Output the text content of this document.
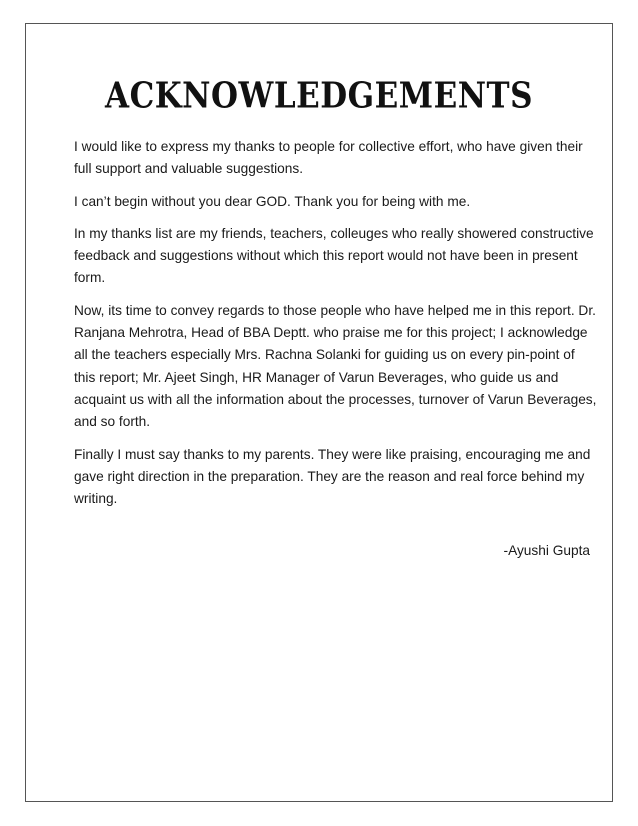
ACKNOWLEDGEMENTS

I would like to express my thanks to people for collective effort, who have given their full support and valuable suggestions.

I can’t begin without you dear GOD. Thank you for being with me.

In my thanks list are my friends, teachers, colleuges who really showered constructive feedback and suggestions without which this report would not have been in present form.

Now, its time to convey regards to those people who have helped me in this report. Dr. Ranjana Mehrotra, Head of BBA Deptt. who praise me for this project; I acknowledge all the teachers especially Mrs. Rachna Solanki for guiding us on every pin-point of this report; Mr. Ajeet Singh, HR Manager of Varun Beverages, who guide us and acquaint us with all the information about the processes, turnover of Varun Beverages, and so forth.

Finally I must say thanks to my parents. They were like praising, encouraging me and gave right direction in the preparation. They are the reason and real force behind my writing.

-Ayushi Gupta
